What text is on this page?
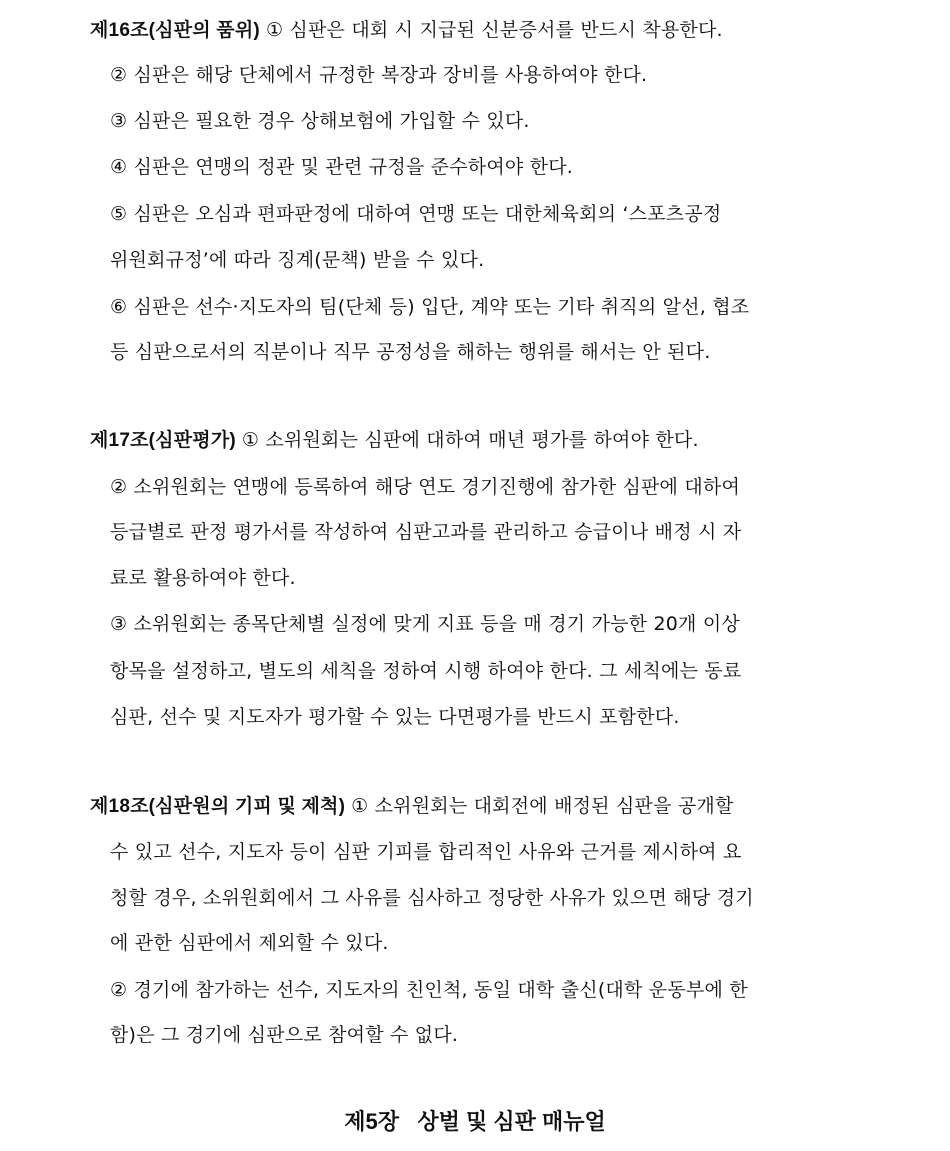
제16조(심판의 품위) ① 심판은 대회 시 지급된 신분증서를 반드시 착용한다.
② 심판은 해당 단체에서 규정한 복장과 장비를 사용하여야 한다.
③ 심판은 필요한 경우 상해보험에 가입할 수 있다.
④ 심판은 연맹의 정관 및 관련 규정을 준수하여야 한다.
⑤ 심판은 오심과 편파판정에 대하여 연맹 또는 대한체육회의 ‘스포츠공정
위원회규정’에 따라 징계(문책) 받을 수 있다.
⑥ 심판은 선수·지도자의 팀(단체 등) 입단, 계약 또는 기타 취직의 알선, 협조
등 심판으로서의 직분이나 직무 공정성을 해하는 행위를 해서는 안 된다.
제17조(심판평가) ① 소위원회는 심판에 대하여 매년 평가를 하여야 한다.
② 소위원회는 연맹에 등록하여 해당 연도 경기진행에 참가한 심판에 대하여
등급별로 판정 평가서를 작성하여 심판고과를 관리하고 승급이나 배정 시 자
료로 활용하여야 한다.
③ 소위원회는 종목단체별 실정에 맞게 지표 등을 매 경기 가능한 20개 이상
항목을 설정하고, 별도의 세칙을 정하여 시행 하여야 한다. 그 세칙에는 동료
심판, 선수 및 지도자가 평가할 수 있는 다면평가를 반드시 포함한다.
제18조(심판원의 기피 및 제척) ① 소위원회는 대회전에 배정된 심판을 공개할
수 있고 선수, 지도자 등이 심판 기피를 합리적인 사유와 근거를 제시하여 요
청할 경우, 소위원회에서 그 사유를 심사하고 정당한 사유가 있으면 해당 경기
에 관한 심판에서 제외할 수 있다.
② 경기에 참가하는 선수, 지도자의 친인척, 동일 대학 출신(대학 운동부에 한
함)은 그 경기에 심판으로 참여할 수 없다.
제5장   상벌 및 심판 매뉴얼
